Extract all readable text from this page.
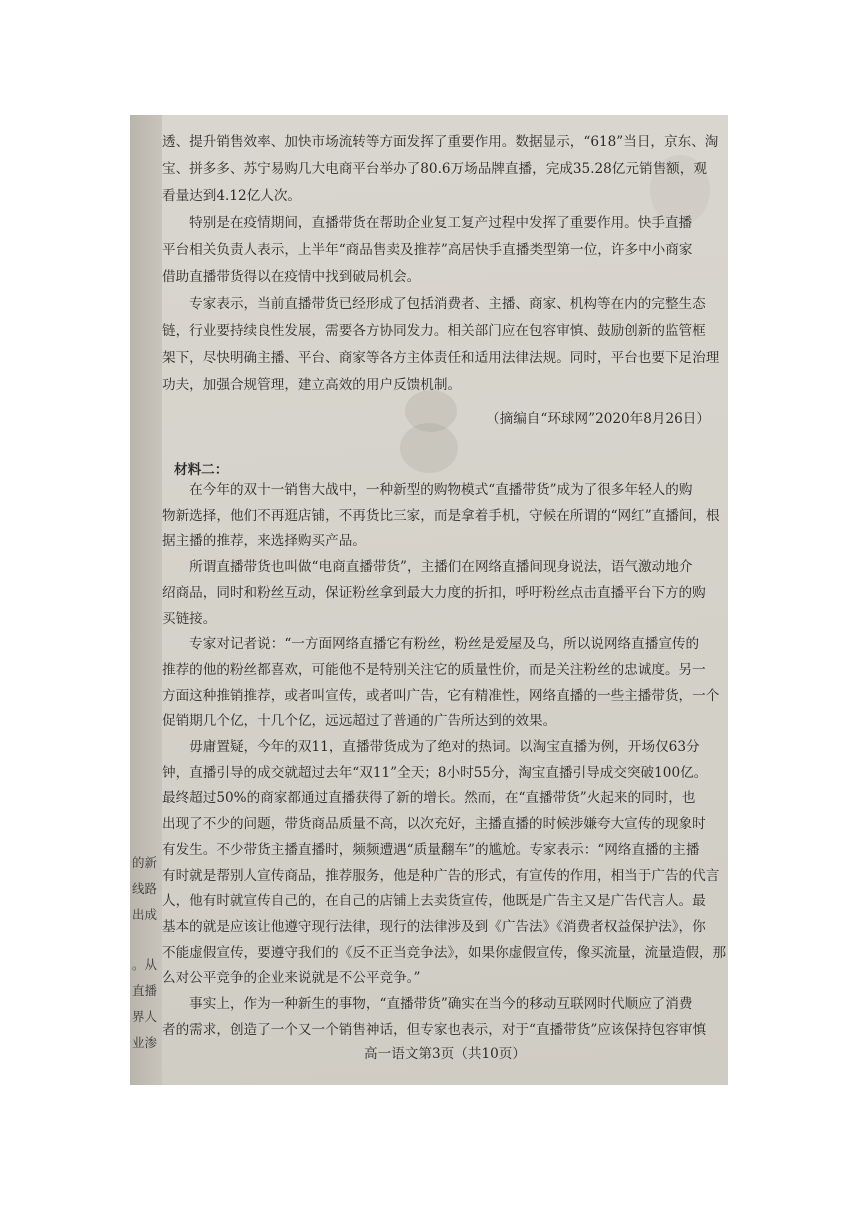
的新
线路
出成
。从
直播
界人
业渗
透、提升销售效率、加快市场流转等方面发挥了重要作用。数据显示，“618”当日，京东、淘
宝、拼多多、苏宁易购几大电商平台举办了80.6万场品牌直播，完成35.28亿元销售额，观
看量达到4.12亿人次。
　　特别是在疫情期间，直播带货在帮助企业复工复产过程中发挥了重要作用。快手直播
平台相关负责人表示，上半年“商品售卖及推荐”高居快手直播类型第一位，许多中小商家
借助直播带货得以在疫情中找到破局机会。
　　专家表示，当前直播带货已经形成了包括消费者、主播、商家、机构等在内的完整生态
链，行业要持续良性发展，需要各方协同发力。相关部门应在包容审慎、鼓励创新的监管框
架下，尽快明确主播、平台、商家等各方主体责任和适用法律法规。同时，平台也要下足治理
功夫，加强合规管理，建立高效的用户反馈机制。
（摘编自“环球网”2020年8月26日）
材料二：
　　在今年的双十一销售大战中，一种新型的购物模式“直播带货”成为了很多年轻人的购
物新选择，他们不再逛店铺，不再货比三家，而是拿着手机，守候在所谓的“网红”直播间，根
据主播的推荐，来选择购买产品。
　　所谓直播带货也叫做“电商直播带货”，主播们在网络直播间现身说法，语气激动地介
绍商品，同时和粉丝互动，保证粉丝拿到最大力度的折扣，呼吁粉丝点击直播平台下方的购
买链接。
　　专家对记者说：“一方面网络直播它有粉丝，粉丝是爱屋及乌，所以说网络直播宣传的
推荐的他的粉丝都喜欢，可能他不是特别关注它的质量性价，而是关注粉丝的忠诚度。另一
方面这种推销推荐，或者叫宣传，或者叫广告，它有精准性，网络直播的一些主播带货，一个
促销期几个亿，十几个亿，远远超过了普通的广告所达到的效果。
　　毋庸置疑，今年的双11，直播带货成为了绝对的热词。以淘宝直播为例，开场仅63分
钟，直播引导的成交就超过去年“双11”全天；8小时55分，淘宝直播引导成交突破100亿。
最终超过50%的商家都通过直播获得了新的增长。然而，在“直播带货”火起来的同时，也
出现了不少的问题，带货商品质量不高，以次充好，主播直播的时候涉嫌夸大宣传的现象时
有发生。不少带货主播直播时，频频遭遇“质量翻车”的尴尬。专家表示：“网络直播的主播
有时就是帮别人宣传商品，推荐服务，他是种广告的形式，有宣传的作用，相当于广告的代言
人，他有时就宣传自己的，在自己的店铺上去卖货宣传，他既是广告主又是广告代言人。最
基本的就是应该让他遵守现行法律，现行的法律涉及到《广告法》《消费者权益保护法》，你
不能虚假宣传，要遵守我们的《反不正当竞争法》，如果你虚假宣传，像买流量，流量造假，那
么对公平竞争的企业来说就是不公平竞争。”
　　事实上，作为一种新生的事物，“直播带货”确实在当今的移动互联网时代顺应了消费
者的需求，创造了一个又一个销售神话，但专家也表示，对于“直播带货”应该保持包容审慎
高一语文第3页（共10页）
